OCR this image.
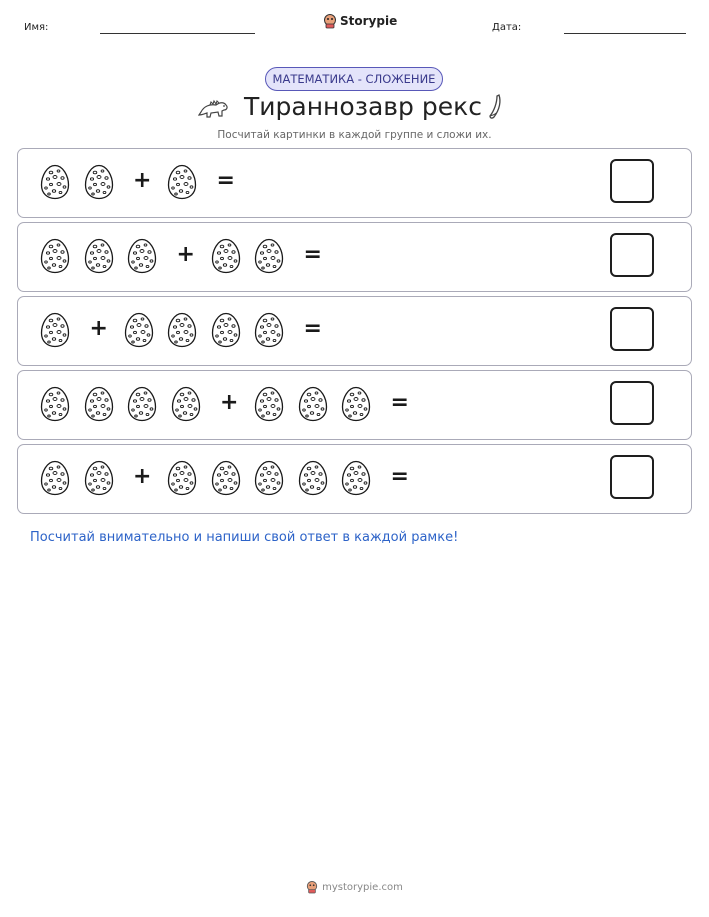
Имя:	Storypie	Дата:
МАТЕМАТИКА - СЛОЖЕНИЕ
Тираннозавр рекс
Посчитай картинки в каждой группе и сложи их.
+	=
+	=
+	=
+	=
+	=
Посчитай внимательно и напиши свой ответ в каждой рамке!
mystorypie.com
